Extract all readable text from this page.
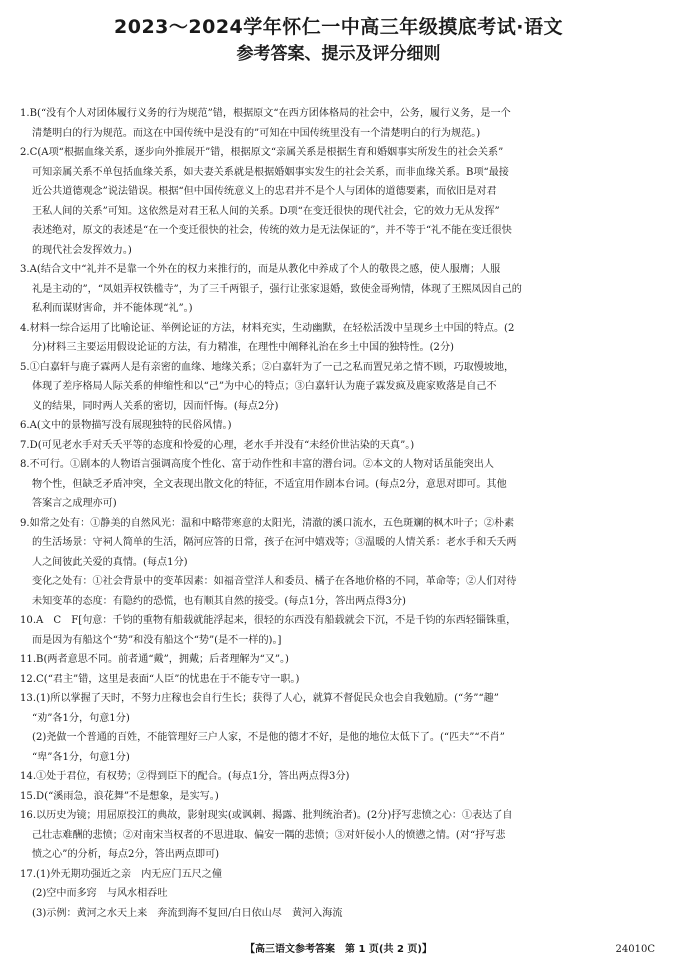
2023～2024学年怀仁一中高三年级摸底考试·语文
参考答案、提示及评分细则
1.B(“没有个人对团体履行义务的行为规范”错，根据原文“在西方团体格局的社会中，公务，履行义务，是一个
清楚明白的行为规范。而这在中国传统中是没有的”可知在中国传统里没有一个清楚明白的行为规范。)
2.C(A项“根据血缘关系，逐步向外推展开”错，根据原文“亲属关系是根据生育和婚姻事实所发生的社会关系”
可知亲属关系不单包括血缘关系，如夫妻关系就是根据婚姻事实发生的社会关系，而非血缘关系。B项“最接
近公共道德观念”说法错误。根据“但中国传统意义上的忠君并不是个人与团体的道德要素，而依旧是对君
王私人间的关系”可知。这依然是对君王私人间的关系。D项“在变迁很快的现代社会，它的效力无从发挥”
表述绝对，原文的表述是“在一个变迁很快的社会，传统的效力是无法保证的”，并不等于“礼不能在变迁很快
的现代社会发挥效力。)
3.A(结合文中“礼并不是靠一个外在的权力来推行的，而是从教化中养成了个人的敬畏之感，使人服膺；人服
礼是主动的”，“凤姐弄权铁槛寺”，为了三千两银子，强行让张家退婚，致使金哥殉情，体现了王熙凤因自己的
私利而谋财害命，并不能体现“礼”。)
4.材料一综合运用了比喻论证、举例论证的方法，材料充实，生动幽默，在轻松活泼中呈现乡土中国的特点。(2
分)材料三主要运用假设论证的方法，有力精准，在理性中阐释礼治在乡土中国的独特性。(2分)
5.①白嘉轩与鹿子霖两人是有亲密的血缘、地缘关系；②白嘉轩为了一己之私而置兄弟之情不顾，巧取慢坡地，
体现了差序格局人际关系的伸缩性和以“己”为中心的特点；③白嘉轩认为鹿子霖发疯及鹿家败落是自己不
义的结果，同时两人关系的密切，因而忏悔。(每点2分)
6.A(文中的景物描写没有展现独特的民俗风情。)
7.D(可见老水手对夭夭平等的态度和怜爱的心理，老水手并没有“未经价世沾染的天真”。)
8.不可行。①剧本的人物语言强调高度个性化、富于动作性和丰富的潜台词。②本文的人物对话虽能突出人
物个性，但缺乏矛盾冲突，全文表现出散文化的特征，不适宜用作剧本台词。(每点2分，意思对即可。其他
答案言之成理亦可)
9.如常之处有：①静美的自然风光：温和中略带寒意的太阳光，清澈的溪口流水，五色斑斓的枫木叶子；②朴素
的生活场景：守祠人简单的生活，隔河应答的日常，孩子在河中嬉戏等；③温暖的人情关系：老水手和夭夭两
人之间彼此关爱的真情。(每点1分)
变化之处有：①社会背景中的变革因素：如福音堂洋人和委员、橘子在各地价格的不同，革命等；②人们对待
未知变革的态度：有隐约的恐慌，也有顺其自然的接受。(每点1分，答出两点得3分)
10.A　C　F[句意：千钧的重物有船载就能浮起来，很轻的东西没有船载就会下沉，不是千钧的东西轻锱铢重，
而是因为有船这个“势”和没有船这个“势”(是不一样的)。]
11.B(两者意思不同。前者通“戴”，拥戴；后者理解为“又”。)
12.C(“君主”错，这里是表面“人臣”的忧患在于不能专守一职。)
13.(1)所以掌握了天时，不努力庄稼也会自行生长；获得了人心，就算不督促民众也会自我勉励。(“务”“趣”
“劝”各1分，句意1分)
(2)尧做一个普通的百姓，不能管理好三户人家，不是他的德才不好，是他的地位太低下了。(“匹夫”“不肖”
“卑”各1分，句意1分)
14.①处于君位，有权势；②得到臣下的配合。(每点1分，答出两点得3分)
15.D(“溪雨急，浪花舞”不是想象，是实写。)
16.以历史为镜；用屈原投江的典故，影射现实(或讽刺、揭露、批判统治者)。(2分)抒写悲愤之心：①表达了自
己壮志难酬的悲愤；②对南宋当权者的不思进取、偏安一隅的悲愤；③对奸佞小人的愤懑之情。(对“抒写悲
愤之心”的分析，每点2分，答出两点即可)
17.(1)外无期功强近之亲　内无应门五尺之僮
(2)空中而多窍　与风水相吞吐
(3)示例：黄河之水天上来　奔流到海不复回/白日依山尽　黄河入海流
【高三语文参考答案　第 1 页(共 2 页)】	24010C
